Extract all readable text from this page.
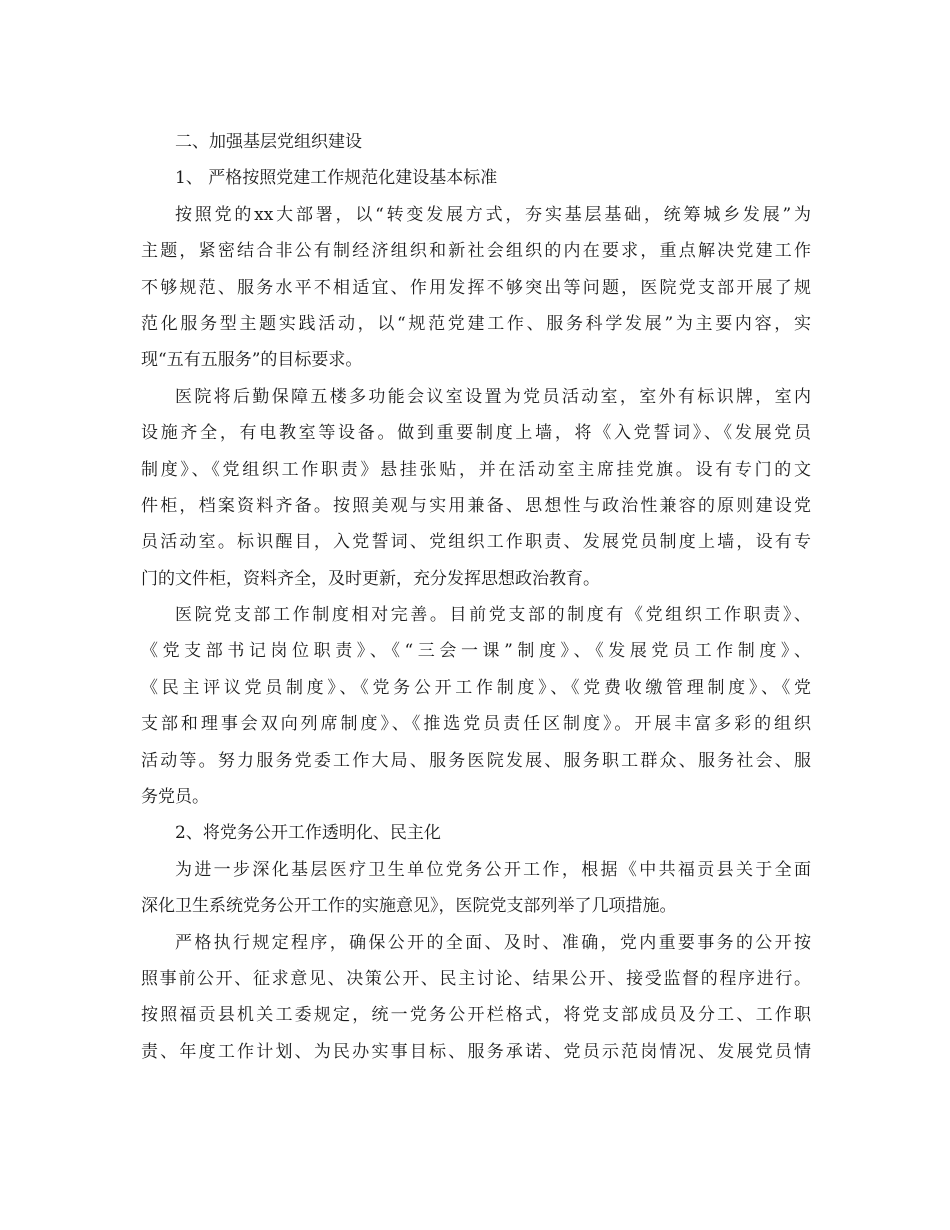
二、加强基层党组织建设
1、 严格按照党建工作规范化建设基本标准
按照党的xx大部署，以“转变发展方式，夯实基层基础，统筹城乡发展”为
主题，紧密结合非公有制经济组织和新社会组织的内在要求，重点解决党建工作
不够规范、服务水平不相适宜、作用发挥不够突出等问题，医院党支部开展了规
范化服务型主题实践活动，以“规范党建工作、服务科学发展”为主要内容，实
现“五有五服务”的目标要求。
医院将后勤保障五楼多功能会议室设置为党员活动室，室外有标识牌，室内
设施齐全，有电教室等设备。做到重要制度上墙，将《入党誓词》、《发展党员
制度》、《党组织工作职责》悬挂张贴，并在活动室主席挂党旗。设有专门的文
件柜，档案资料齐备。按照美观与实用兼备、思想性与政治性兼容的原则建设党
员活动室。标识醒目，入党誓词、党组织工作职责、发展党员制度上墙，设有专
门的文件柜，资料齐全，及时更新，充分发挥思想政治教育。
医院党支部工作制度相对完善。目前党支部的制度有《党组织工作职责》、
《党支部书记岗位职责》、《“三会一课”制度》、《发展党员工作制度》、
《民主评议党员制度》、《党务公开工作制度》、《党费收缴管理制度》、《党
支部和理事会双向列席制度》、《推选党员责任区制度》。开展丰富多彩的组织
活动等。努力服务党委工作大局、服务医院发展、服务职工群众、服务社会、服
务党员。
2、将党务公开工作透明化、民主化
为进一步深化基层医疗卫生单位党务公开工作，根据《中共福贡县关于全面
深化卫生系统党务公开工作的实施意见》，医院党支部列举了几项措施。
严格执行规定程序，确保公开的全面、及时、准确，党内重要事务的公开按
照事前公开、征求意见、决策公开、民主讨论、结果公开、接受监督的程序进行。
按照福贡县机关工委规定，统一党务公开栏格式，将党支部成员及分工、工作职
责、年度工作计划、为民办实事目标、服务承诺、党员示范岗情况、发展党员情
